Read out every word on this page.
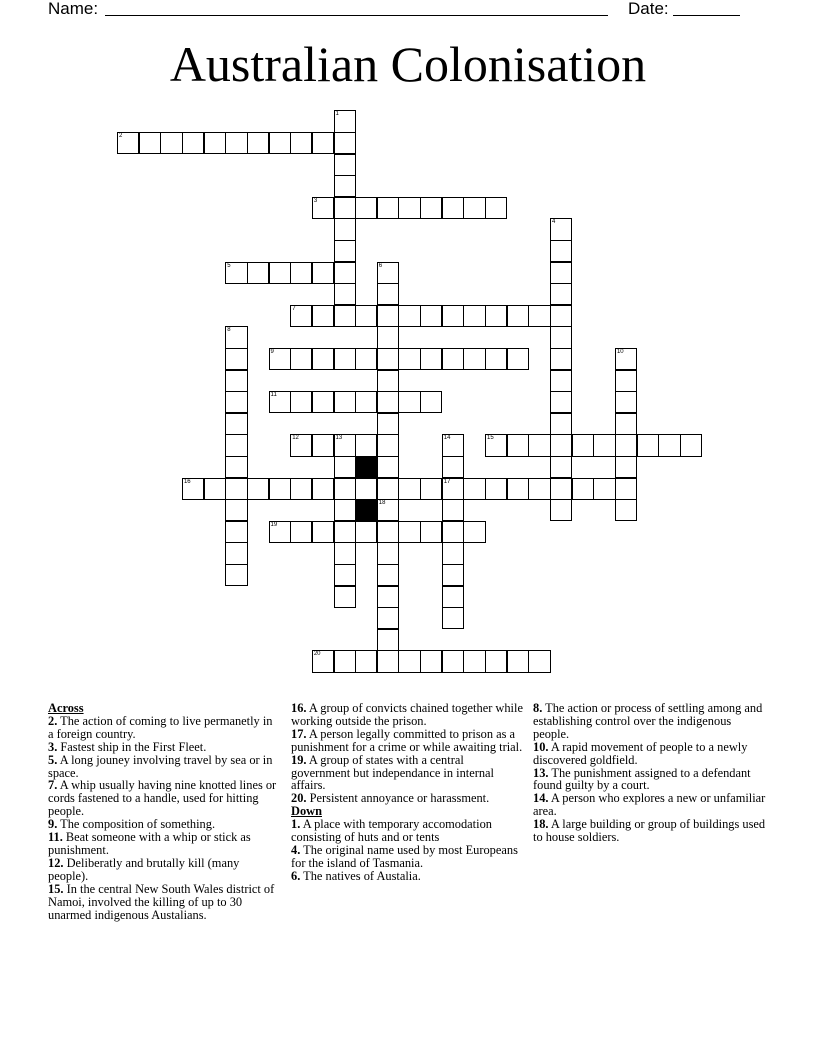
Name:	Date:
Australian Colonisation
1
2
3
4
5	6
18
7
8
9	10
11
12	13	14
17
15
16
19
20
Across
2. The action of coming to live permanetly in a foreign country.
3. Fastest ship in the First Fleet.
5. A long jouney involving travel by sea or in space.
7. A whip usually having nine knotted lines or cords fastened to a handle, used for hitting people.
9. The composition of something.
11. Beat someone with a whip or stick as punishment.
12. Deliberatly and brutally kill (many people).
15. In the central New South Wales district of Namoi, involved the killing of up to 30 unarmed indigenous Austalians.
16. A group of convicts chained together while working outside the prison.
17. A person legally committed to prison as a punishment for a crime or while awaiting trial.
19. A group of states with a central government but independance in internal affairs.
20. Persistent annoyance or harassment.
Down
1. A place with temporary accomodation consisting of huts and or tents
4. The original name used by most Europeans for the island of Tasmania.
6. The natives of Austalia.
8. The action or process of settling among and establishing control over the indigenous people.
10. A rapid movement of people to a newly discovered goldfield.
13. The punishment assigned to a defendant found guilty by a court.
14. A person who explores a new or unfamiliar area.
18. A large building or group of buildings used to house soldiers.
